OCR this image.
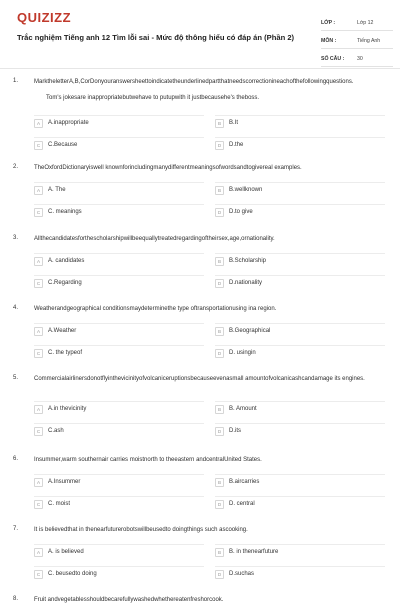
QUIZIZZ
Trắc nghiệm Tiếng anh 12 Tìm lỗi sai - Mức độ thông hiểu có đáp án (Phần 2)
LỚP :	Lớp 12
MÔN :	Tiếng Anh
SỐ CÂU :	30
1.	MarktheletterA,B,CorDonyouranswersheettoindicatetheunderlinedpartthatneedscorrectionineachofthefollowingquestions.
Tom's jokesare inappropriatebutwehave to putupwith it justbecausehe's theboss.
A	A.inappropriate	B	B.It
C	C.Because	D	D.the
2.	TheOxfordDictionaryiswell knownforincludingmanydifferentmeaningsofwordsandtogivereal examples.
A	A. The	B	B.wellknown
C	C. meanings	D	D.to give
3.	Allthecandidatesforthescholarshipwillbeequallytreatedregardingoftheirsex,age,ornationality.
A	A. candidates	B	B.Scholarship
C	C.Regarding	D	D.nationality
4.	Weatherandgeographical conditionsmaydeterminethe type oftransportationusing ina region.
A	A.Weather	B	B.Geographical
C	C. the typeof	D	D. usingin
5.	Commercialairlinersdonotflyinthevicinityofvolcaniceruptionsbecauseevenasmall amountofvolcanicashcandamage its engines.
A	A.in thevicinity	B	B. Amount
C	C.ash	D	D.its
6.	Insummer,warm southernair carries moistnorth to theeastern andcentralUnited States.
A	A.Insummer	B	B.aircarries
C	C. moist	D	D. central
7.	It is believedthat in thenearfuturerobotswillbeusedto doingthings such ascooking.
A	A. is believed	B	B. in thenearfuture
C	C. beusedto doing	D	D.suchas
8.	Fruit andvegetablesshouldbecarefullywashedwhethereatenfreshorcook.
